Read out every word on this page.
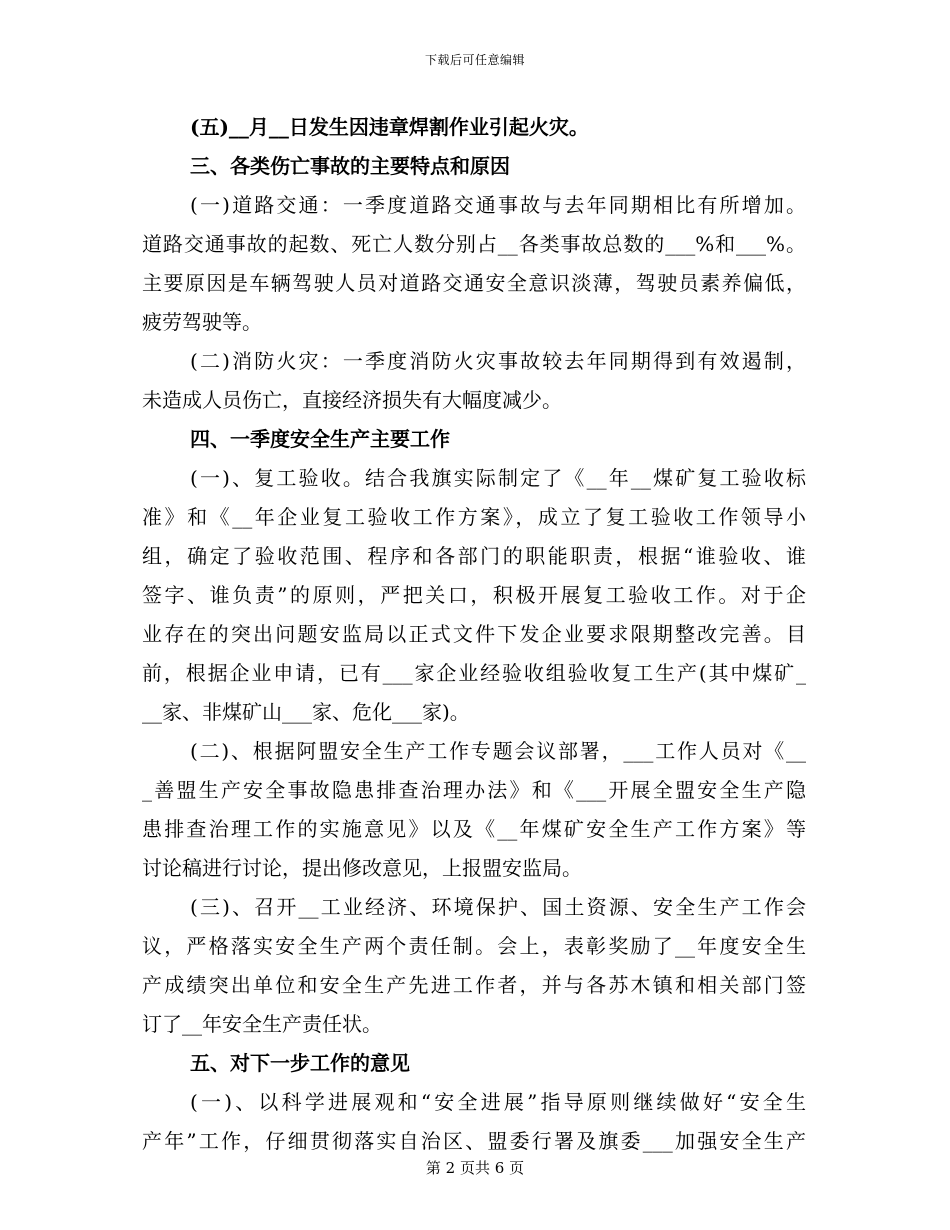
下载后可任意编辑
(五)__月__日发生因违章焊割作业引起火灾。
三、各类伤亡事故的主要特点和原因
(一)道路交通：一季度道路交通事故与去年同期相比有所增加。
道路交通事故的起数、死亡人数分别占__各类事故总数的___%和___%。
主要原因是车辆驾驶人员对道路交通安全意识淡薄，驾驶员素养偏低，
疲劳驾驶等。
(二)消防火灾：一季度消防火灾事故较去年同期得到有效遏制，
未造成人员伤亡，直接经济损失有大幅度减少。
四、一季度安全生产主要工作
(一)、复工验收。结合我旗实际制定了《__年__煤矿复工验收标
准》和《__年企业复工验收工作方案》，成立了复工验收工作领导小
组，确定了验收范围、程序和各部门的职能职责，根据“谁验收、谁
签字、谁负责”的原则，严把关口，积极开展复工验收工作。对于企
业存在的突出问题安监局以正式文件下发企业要求限期整改完善。目
前，根据企业申请，已有___家企业经验收组验收复工生产(其中煤矿_
__家、非煤矿山___家、危化___家)。
(二)、根据阿盟安全生产工作专题会议部署，___工作人员对《__
_善盟生产安全事故隐患排查治理办法》和《___开展全盟安全生产隐
患排查治理工作的实施意见》以及《__年煤矿安全生产工作方案》等
讨论稿进行讨论，提出修改意见，上报盟安监局。
(三)、召开__工业经济、环境保护、国土资源、安全生产工作会
议，严格落实安全生产两个责任制。会上，表彰奖励了__年度安全生
产成绩突出单位和安全生产先进工作者，并与各苏木镇和相关部门签
订了__年安全生产责任状。
五、对下一步工作的意见
(一)、以科学进展观和“安全进展”指导原则继续做好“安全生
产年”工作，仔细贯彻落实自治区、盟委行署及旗委___加强安全生产
第 2 页共 6 页
